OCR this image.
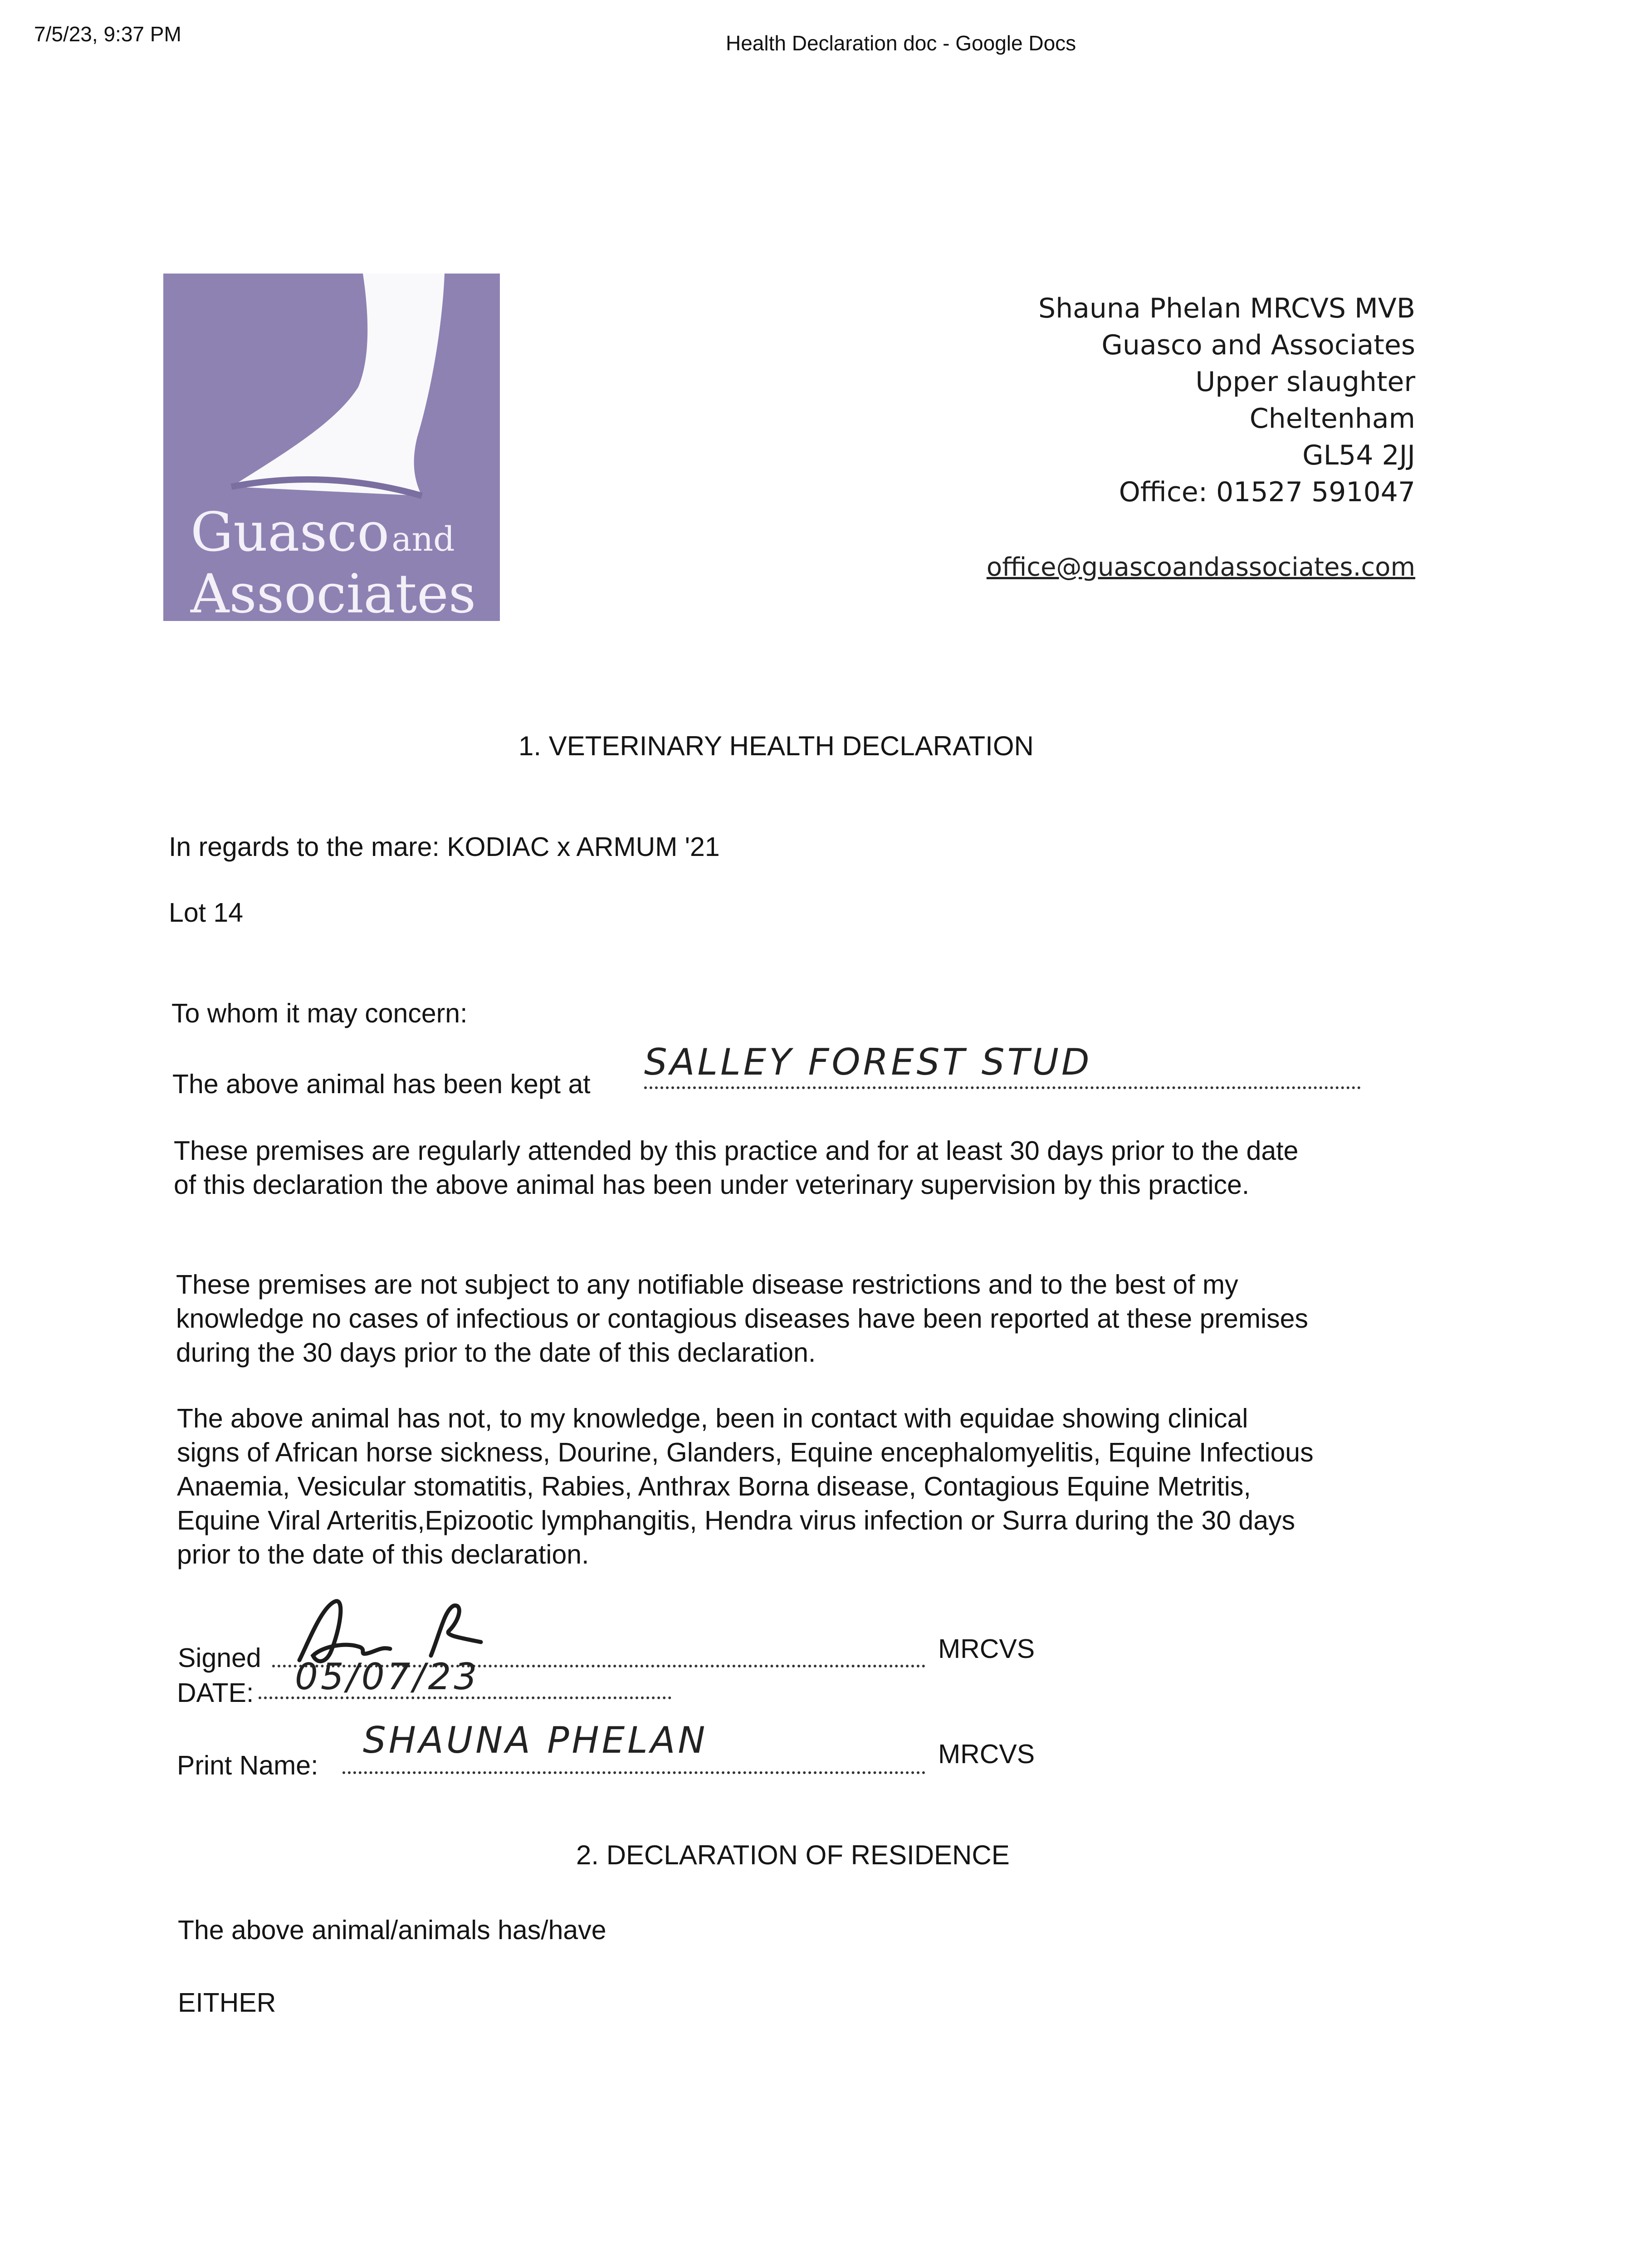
7/5/23, 9:37 PM	Health Declaration doc - Google Docs
Guasco and
Associates
Shauna Phelan MRCVS MVB
Guasco and Associates
Upper slaughter
Cheltenham
GL54 2JJ
Office: 01527 591047
office@guascoandassociates.com
1. VETERINARY HEALTH DECLARATION
In regards to the mare: KODIAC x ARMUM '21
Lot 14
To whom it may concern:
The above animal has been kept at
SALLEY FOREST STUD
These premises are regularly attended by this practice and for at least 30 days prior to the date
of this declaration the above animal has been under veterinary supervision by this practice.
These premises are not subject to any notifiable disease restrictions and to the best of my
knowledge no cases of infectious or contagious diseases have been reported at these premises
during the 30 days prior to the date of this declaration.
The above animal has not, to my knowledge, been in contact with equidae showing clinical
signs of African horse sickness, Dourine, Glanders, Equine encephalomyelitis, Equine Infectious
Anaemia, Vesicular stomatitis, Rabies, Anthrax Borna disease, Contagious Equine Metritis,
Equine Viral Arteritis,Epizootic lymphangitis, Hendra virus infection or Surra during the 30 days
prior to the date of this declaration.
Signed	MRCVS
DATE: 05/07/23
Print Name:
SHAUNA PHELAN	MRCVS
2. DECLARATION OF RESIDENCE
The above animal/animals has/have
EITHER
